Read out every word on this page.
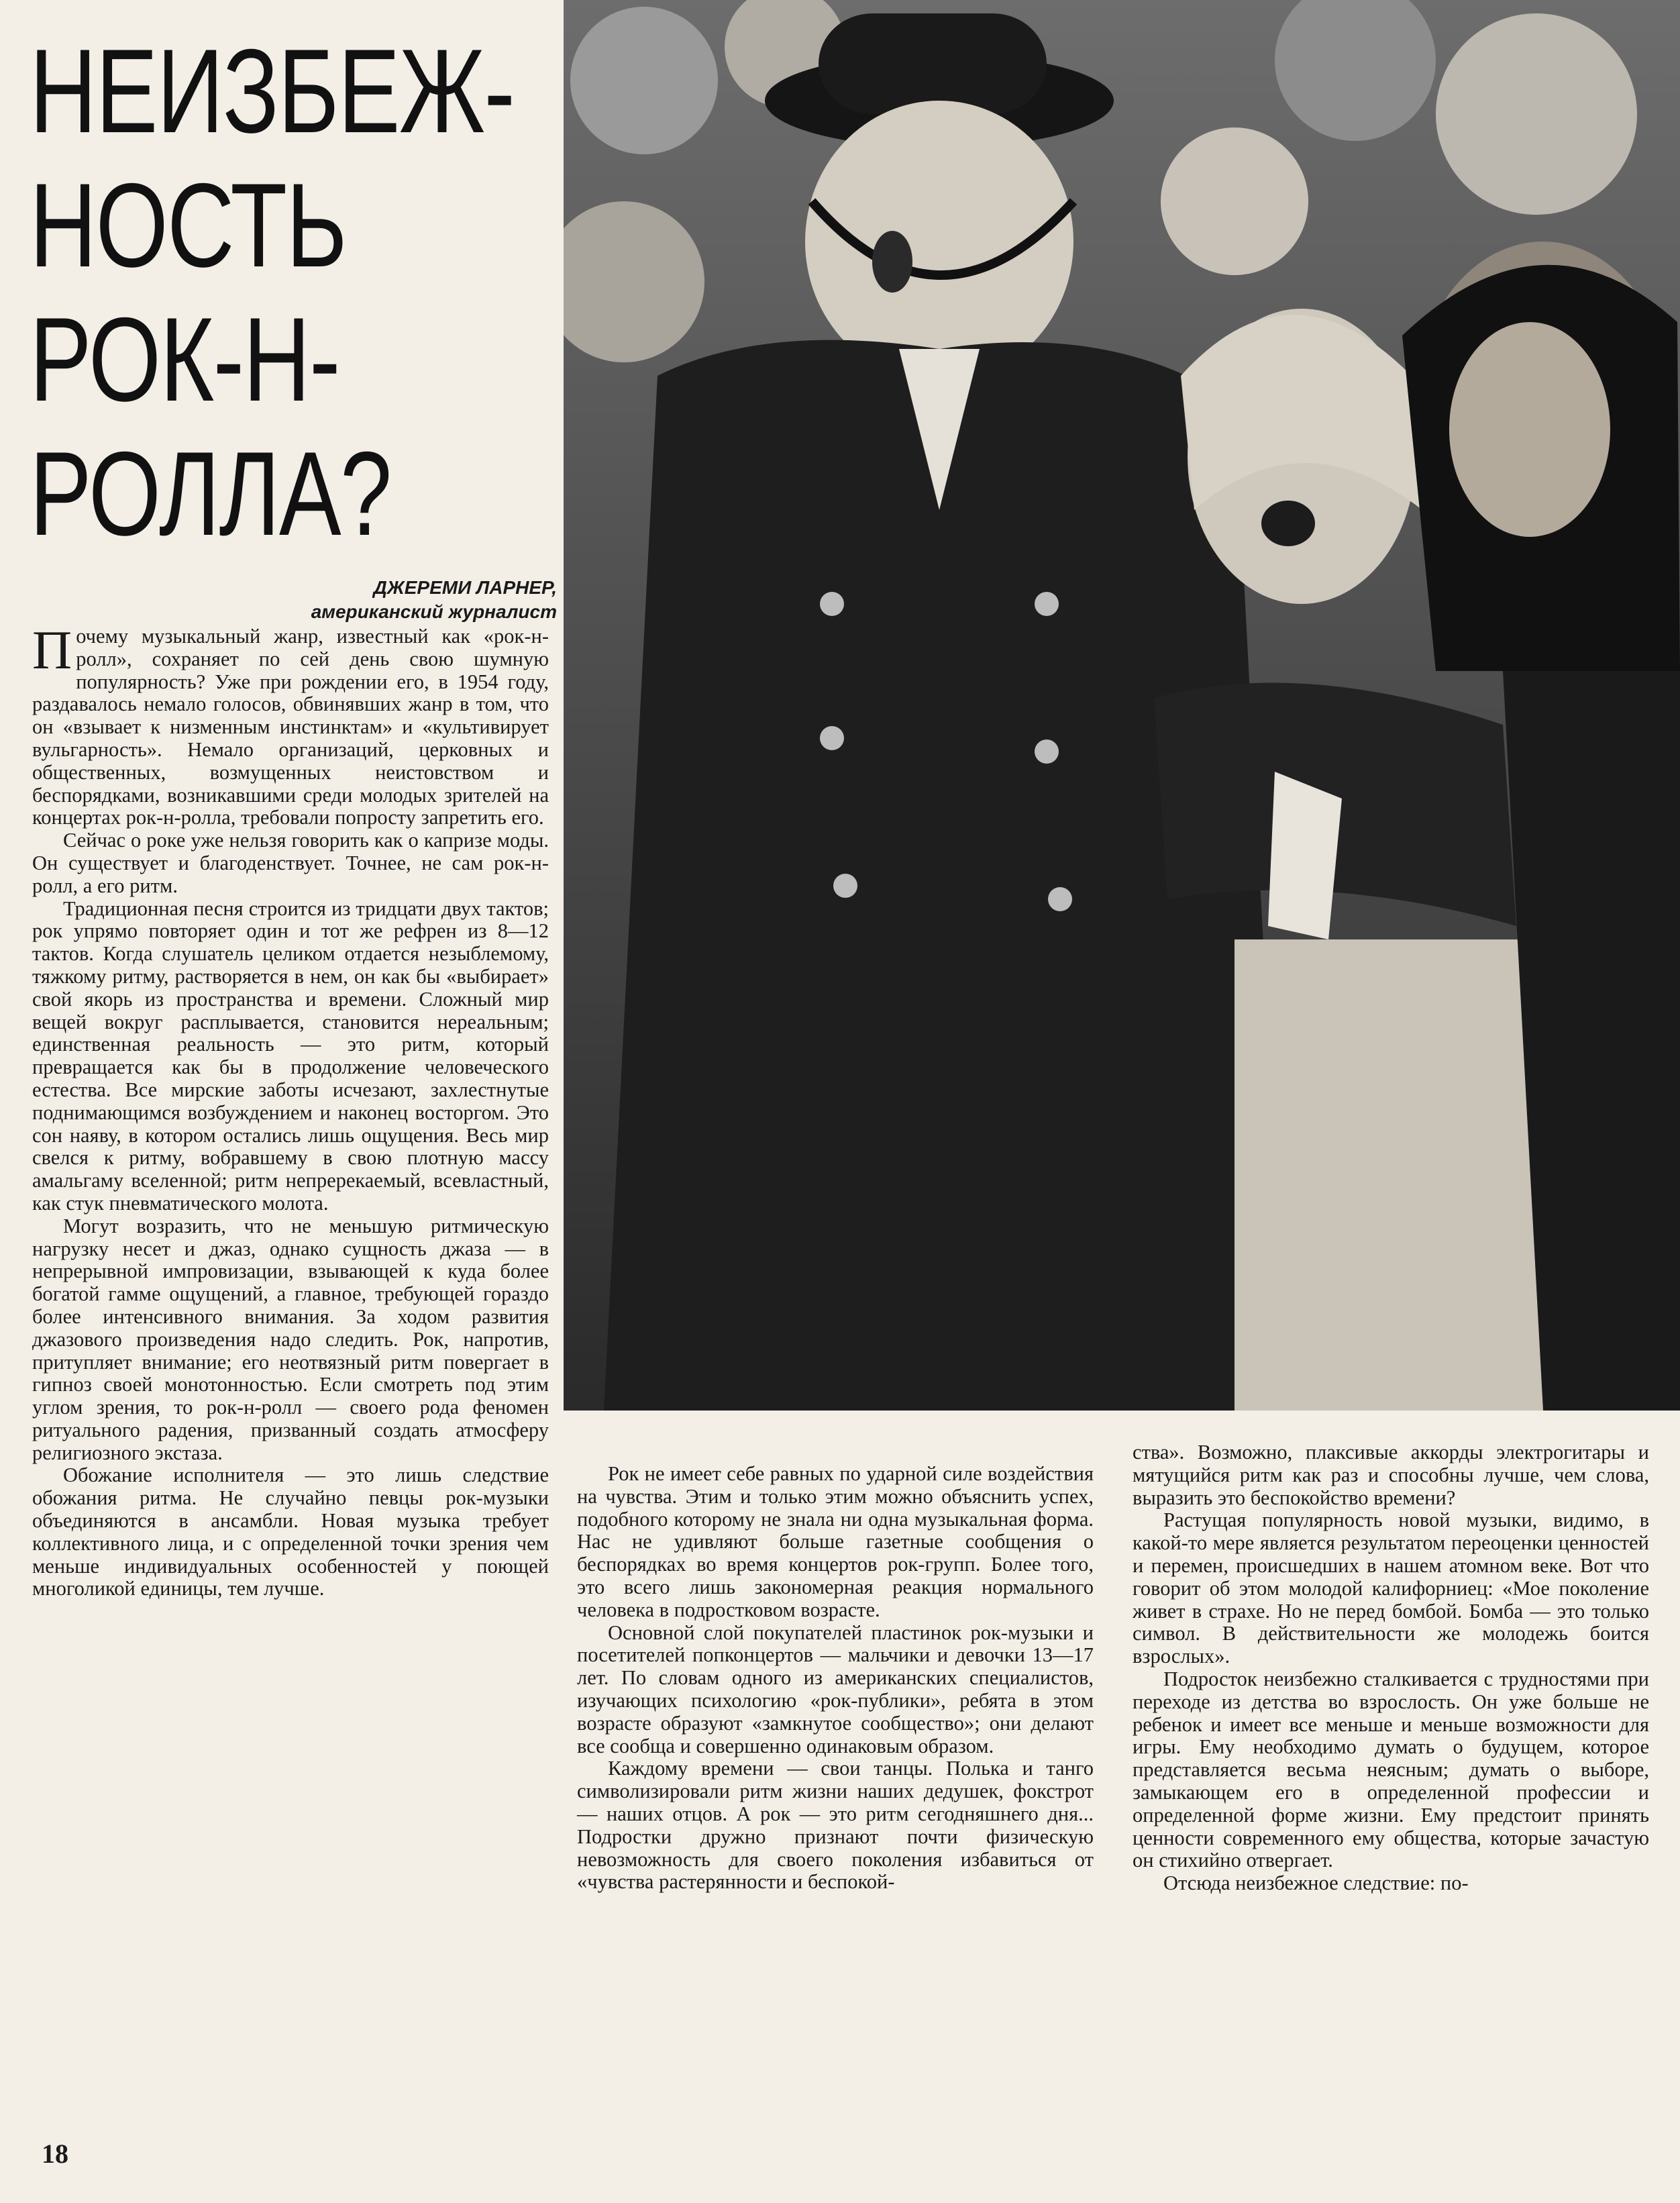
НЕИЗБЕЖ-
НОСТЬ
РОК-Н-
РОЛЛА?
ДЖЕРЕМИ ЛАРНЕР,
американский журналист

Почему музыкальный жанр, известный как «рок-н-ролл», сохраняет по сей день свою шумную популярность? Уже при рождении его, в 1954 году, раздавалось немало голосов, обвинявших жанр в том, что он «взывает к низменным инстинктам» и «культивирует вульгарность». Немало организаций, церковных и общественных, возмущенных неистовством и беспорядками, возникавшими среди молодых зрителей на концертах рок-н-ролла, требовали попросту запретить его.

Сейчас о роке уже нельзя говорить как о капризе моды. Он существует и благоденствует. Точнее, не сам рок-н-ролл, а его ритм.

Традиционная песня строится из тридцати двух тактов; рок упрямо повторяет один и тот же рефрен из 8—12 тактов. Когда слушатель целиком отдается незыблемому, тяжкому ритму, растворяется в нем, он как бы «выбирает» свой якорь из пространства и времени. Сложный мир вещей вокруг расплывается, становится нереальным; единственная реальность — это ритм, который превращается как бы в продолжение человеческого естества. Все мирские заботы исчезают, захлестнутые поднимающимся возбуждением и наконец восторгом. Это сон наяву, в котором остались лишь ощущения. Весь мир свелся к ритму, вобравшему в свою плотную массу амальгаму вселенной; ритм непререкаемый, всевластный, как стук пневматического молота.

Могут возразить, что не меньшую ритмическую нагрузку несет и джаз, однако сущность джаза — в непрерывной импровизации, взывающей к куда более богатой гамме ощущений, а главное, требующей гораздо более интенсивного внимания. За ходом развития джазового произведения надо следить. Рок, напротив, притупляет внимание; его неотвязный ритм повергает в гипноз своей монотонностью. Если смотреть под этим углом зрения, то рок-н-ролл — своего рода феномен ритуального радения, призванный создать атмосферу религиозного экстаза.

Обожание исполнителя — это лишь следствие обожания ритма. Не случайно певцы рок-музыки объединяются в ансамбли. Новая музыка требует коллективного лица, и с определенной точки зрения чем меньше индивидуальных особенностей у поющей многоликой единицы, тем лучше.

Рок не имеет себе равных по ударной силе воздействия на чувства. Этим и только этим можно объяснить успех, подобного которому не знала ни одна музыкальная форма. Нас не удивляют больше газетные сообщения о беспорядках во время концертов рок-групп. Более того, это всего лишь закономерная реакция нормального человека в подростковом возрасте.

Основной слой покупателей пластинок рок-музыки и посетителей попконцертов — мальчики и девочки 13—17 лет. По словам одного из американских специалистов, изучающих психологию «рок-публики», ребята в этом возрасте образуют «замкнутое сообщество»; они делают все сообща и совершенно одинаковым образом.

Каждому времени — свои танцы. Полька и танго символизировали ритм жизни наших дедушек, фокстрот — наших отцов. А рок — это ритм сегодняшнего дня... Подростки дружно признают почти физическую невозможность для своего поколения избавиться от «чувства растерянности и беспокой-

ства». Возможно, плаксивые аккорды электрогитары и мятущийся ритм как раз и способны лучше, чем слова, выразить это беспокойство времени?

Растущая популярность новой музыки, видимо, в какой-то мере является результатом переоценки ценностей и перемен, происшедших в нашем атомном веке. Вот что говорит об этом молодой калифорниец: «Мое поколение живет в страхе. Но не перед бомбой. Бомба — это только символ. В действительности же молодежь боится взрослых».

Подросток неизбежно сталкивается с трудностями при переходе из детства во взрослость. Он уже больше не ребенок и имеет все меньше и меньше возможности для игры. Ему необходимо думать о будущем, которое представляется весьма неясным; думать о выборе, замыкающем его в определенной профессии и определенной форме жизни. Ему предстоит принять ценности современного ему общества, которые зачастую он стихийно отвергает.

Отсюда неизбежное следствие: по-

18
